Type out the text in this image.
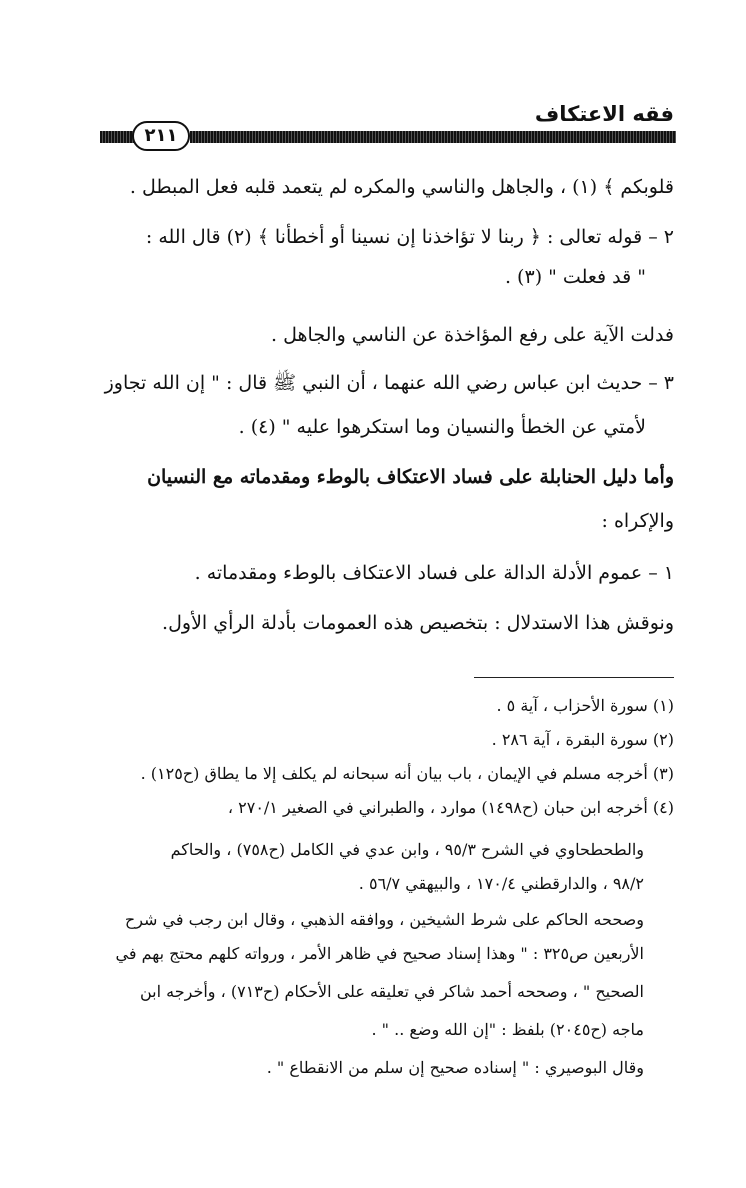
فقه الاعتكاف
٢١١

قلوبكم ﴾ (١) ، والجاهل والناسي والمكره لم يتعمد قلبه فعل المبطل .

٢ – قوله تعالى : ﴿ ربنا لا تؤاخذنا إن نسينا أو أخطأنا ﴾ (٢) قال الله :

" قد فعلت " (٣) .

فدلت الآية على رفع المؤاخذة عن الناسي والجاهل .

٣ – حديث ابن عباس رضي الله عنهما ، أن النبي ﷺ قال : " إن الله تجاوز

لأمتي عن الخطأ والنسيان وما استكرهوا عليه " (٤) .

وأما دليل الحنابلة على فساد الاعتكاف بالوطء ومقدماته مع النسيان

والإكراه :

١ – عموم الأدلة الدالة على فساد الاعتكاف بالوطء ومقدماته .

ونوقش هذا الاستدلال : بتخصيص هذه العمومات بأدلة الرأي الأول.

(١) سورة الأحزاب ، آية ٥ .

(٢) سورة البقرة ، آية ٢٨٦ .

(٣) أخرجه مسلم في الإيمان ، باب بيان أنه سبحانه لم يكلف إلا ما يطاق (ح١٢٥) .

(٤) أخرجه ابن حبان (ح١٤٩٨) موارد ، والطبراني في الصغير ٢٧٠/١ ،

والطحطحاوي في الشرح ٩٥/٣ ، وابن عدي في الكامل (ح٧٥٨) ، والحاكم

٩٨/٢ ، والدارقطني ١٧٠/٤ ، والبيهقي ٥٦/٧ .

وصححه الحاكم على شرط الشيخين ، ووافقه الذهبي ، وقال ابن رجب في شرح

الأربعين ص٣٢٥ : " وهذا إسناد صحيح في ظاهر الأمر ، ورواته كلهم محتج بهم في

الصحيح " ، وصححه أحمد شاكر في تعليقه على الأحكام (ح٧١٣) ، وأخرجه ابن

ماجه (ح٢٠٤٥) بلفظ : "إن الله وضع .. " .

وقال البوصيري : " إسناده صحيح إن سلم من الانقطاع " .
